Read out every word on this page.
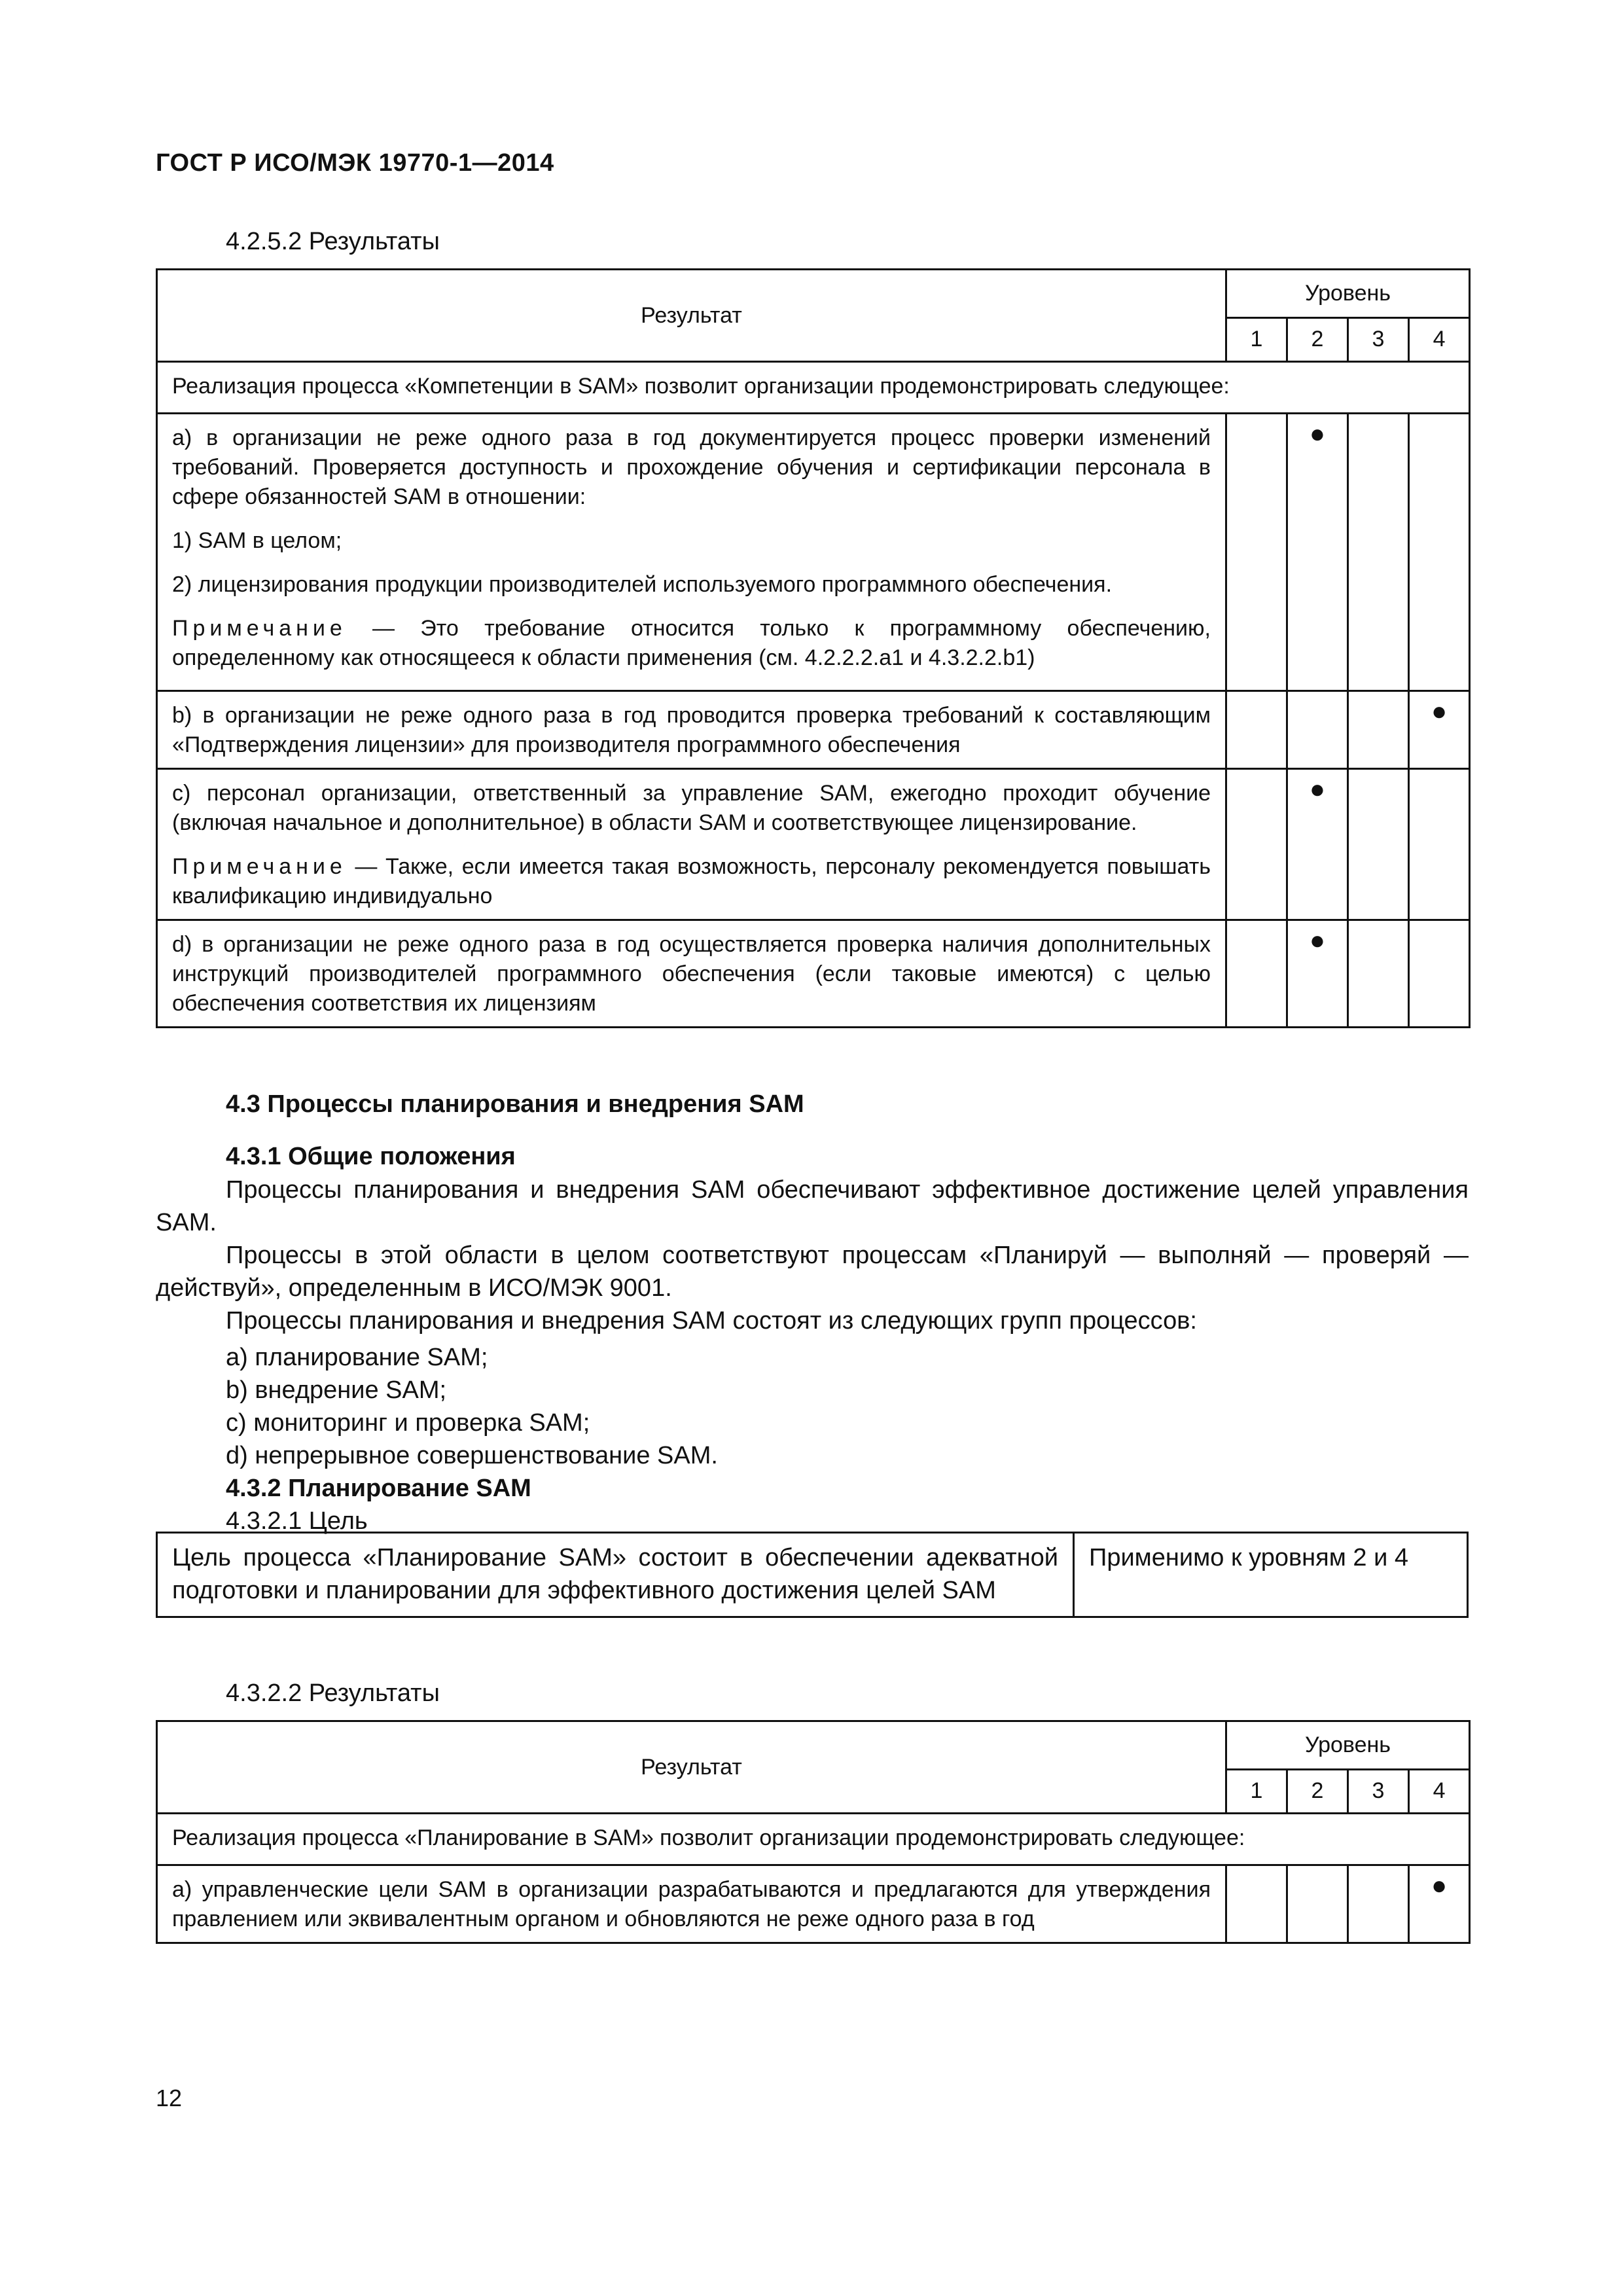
ГОСТ Р ИСО/МЭК 19770-1—2014
4.2.5.2 Результаты
Результат	Уровень			
	1	2	3	4
Реализация процесса «Компетенции в SAM» позволит организации продемонстрировать следующее:				

а) в организации не реже одного раза в год документируется процесс проверки изменений требований. Проверяется доступность и прохождение обучения и сертификации персонала в сфере обязанностей SAM в отношении:

1) SAM в целом;

2) лицензирования продукции производителей используемого программного обеспечения.

Примечание — Это требование относится только к программному обеспечению, определенному как относящееся к области применения (см. 4.2.2.2.a1 и 4.3.2.2.b1)		●		

b) в организации не реже одного раза в год проводится проверка требований к составляющим «Подтверждения лицензии» для производителя программного обеспечения				●

c) персонал организации, ответственный за управление SAM, ежегодно проходит обучение (включая начальное и дополнительное) в области SAM и соответствующее лицензирование.

Примечание — Также, если имеется такая возможность, персоналу рекомендуется повышать квалификацию индивидуально		●		

d) в организации не реже одного раза в год осуществляется проверка наличия дополнительных инструкций производителей программного обеспечения (если таковые имеются) с целью обеспечения соответствия их лицензиям		●		
4.3 Процессы планирования и внедрения SAM
4.3.1 Общие положения

Процессы планирования и внедрения SAM обеспечивают эффективное достижение целей управления SAM.

Процессы в этой области в целом соответствуют процессам «Планируй — выполняй — проверяй — действуй», определенным в ИСО/МЭК 9001.

Процессы планирования и внедрения SAM состоят из следующих групп процессов:

а) планирование SAM;
b) внедрение SAM;
c) мониторинг и проверка SAM;
d) непрерывное совершенствование SAM.
4.3.2 Планирование SAM
4.3.2.1 Цель
Цель процесса «Планирование SAM» состоит в обеспечении адекватной подготовки и планировании для эффективного достижения целей SAM	Применимо к уровням 2 и 4
4.3.2.2 Результаты
Результат	Уровень			
	1	2	3	4
Реализация процесса «Планирование в SAM» позволит организации продемонстрировать следующее:				

а) управленческие цели SAM в организации разрабатываются и предлагаются для утверждения правлением или эквивалентным органом и обновляются не реже одного раза в год				●
12
